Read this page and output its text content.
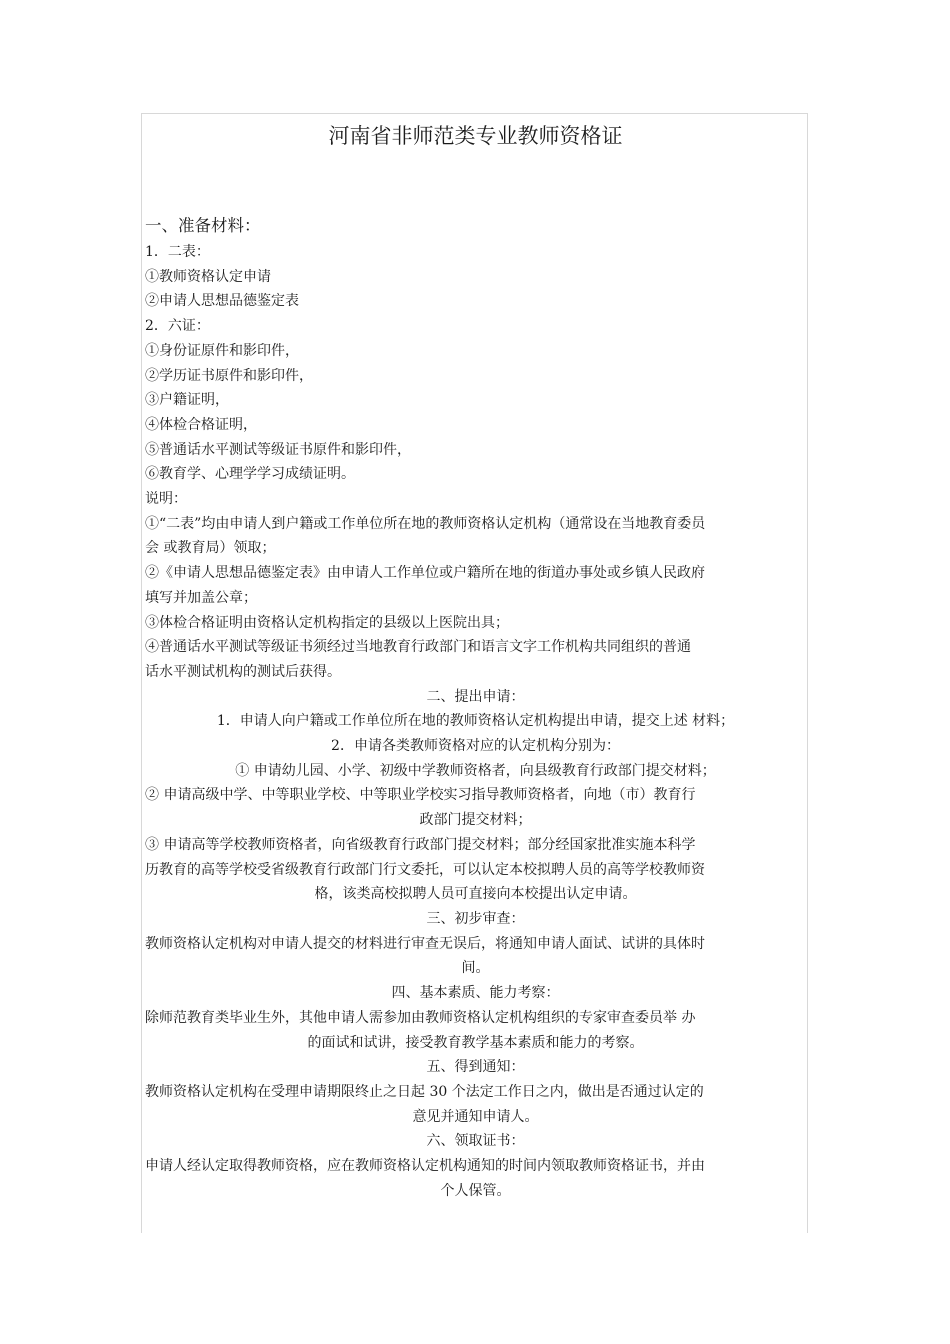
河南省非师范类专业教师资格证
一、准备材料：
1．二表：
①教师资格认定申请
②申请人思想品德鉴定表
2．六证：
①身份证原件和影印件，
②学历证书原件和影印件，
③户籍证明，
④体检合格证明，
⑤普通话水平测试等级证书原件和影印件，
⑥教育学、心理学学习成绩证明。
说明：
①“二表”均由申请人到户籍或工作单位所在地的教师资格认定机构（通常设在当地教育委员
会 或教育局）领取；
②《申请人思想品德鉴定表》由申请人工作单位或户籍所在地的街道办事处或乡镇人民政府
填写并加盖公章；
③体检合格证明由资格认定机构指定的县级以上医院出具；
④普通话水平测试等级证书须经过当地教育行政部门和语言文字工作机构共同组织的普通
话水平测试机构的测试后获得。
二、提出申请：
1．申请人向户籍或工作单位所在地的教师资格认定机构提出申请，提交上述 材料；
2．申请各类教师资格对应的认定机构分别为：
① 申请幼儿园、小学、初级中学教师资格者，向县级教育行政部门提交材料；
② 申请高级中学、中等职业学校、中等职业学校实习指导教师资格者，向地（市）教育行
政部门提交材料；
③ 申请高等学校教师资格者，向省级教育行政部门提交材料；部分经国家批准实施本科学
历教育的高等学校受省级教育行政部门行文委托，可以认定本校拟聘人员的高等学校教师资
格，该类高校拟聘人员可直接向本校提出认定申请。
三、初步审查：
教师资格认定机构对申请人提交的材料进行审查无误后，将通知申请人面试、试讲的具体时
间。
四、基本素质、能力考察：
除师范教育类毕业生外，其他申请人需参加由教师资格认定机构组织的专家审查委员举 办
的面试和试讲，接受教育教学基本素质和能力的考察。
五、得到通知：
教师资格认定机构在受理申请期限终止之日起 30 个法定工作日之内，做出是否通过认定的
意见并通知申请人。
六、领取证书：
申请人经认定取得教师资格，应在教师资格认定机构通知的时间内领取教师资格证书，并由
个人保管。
